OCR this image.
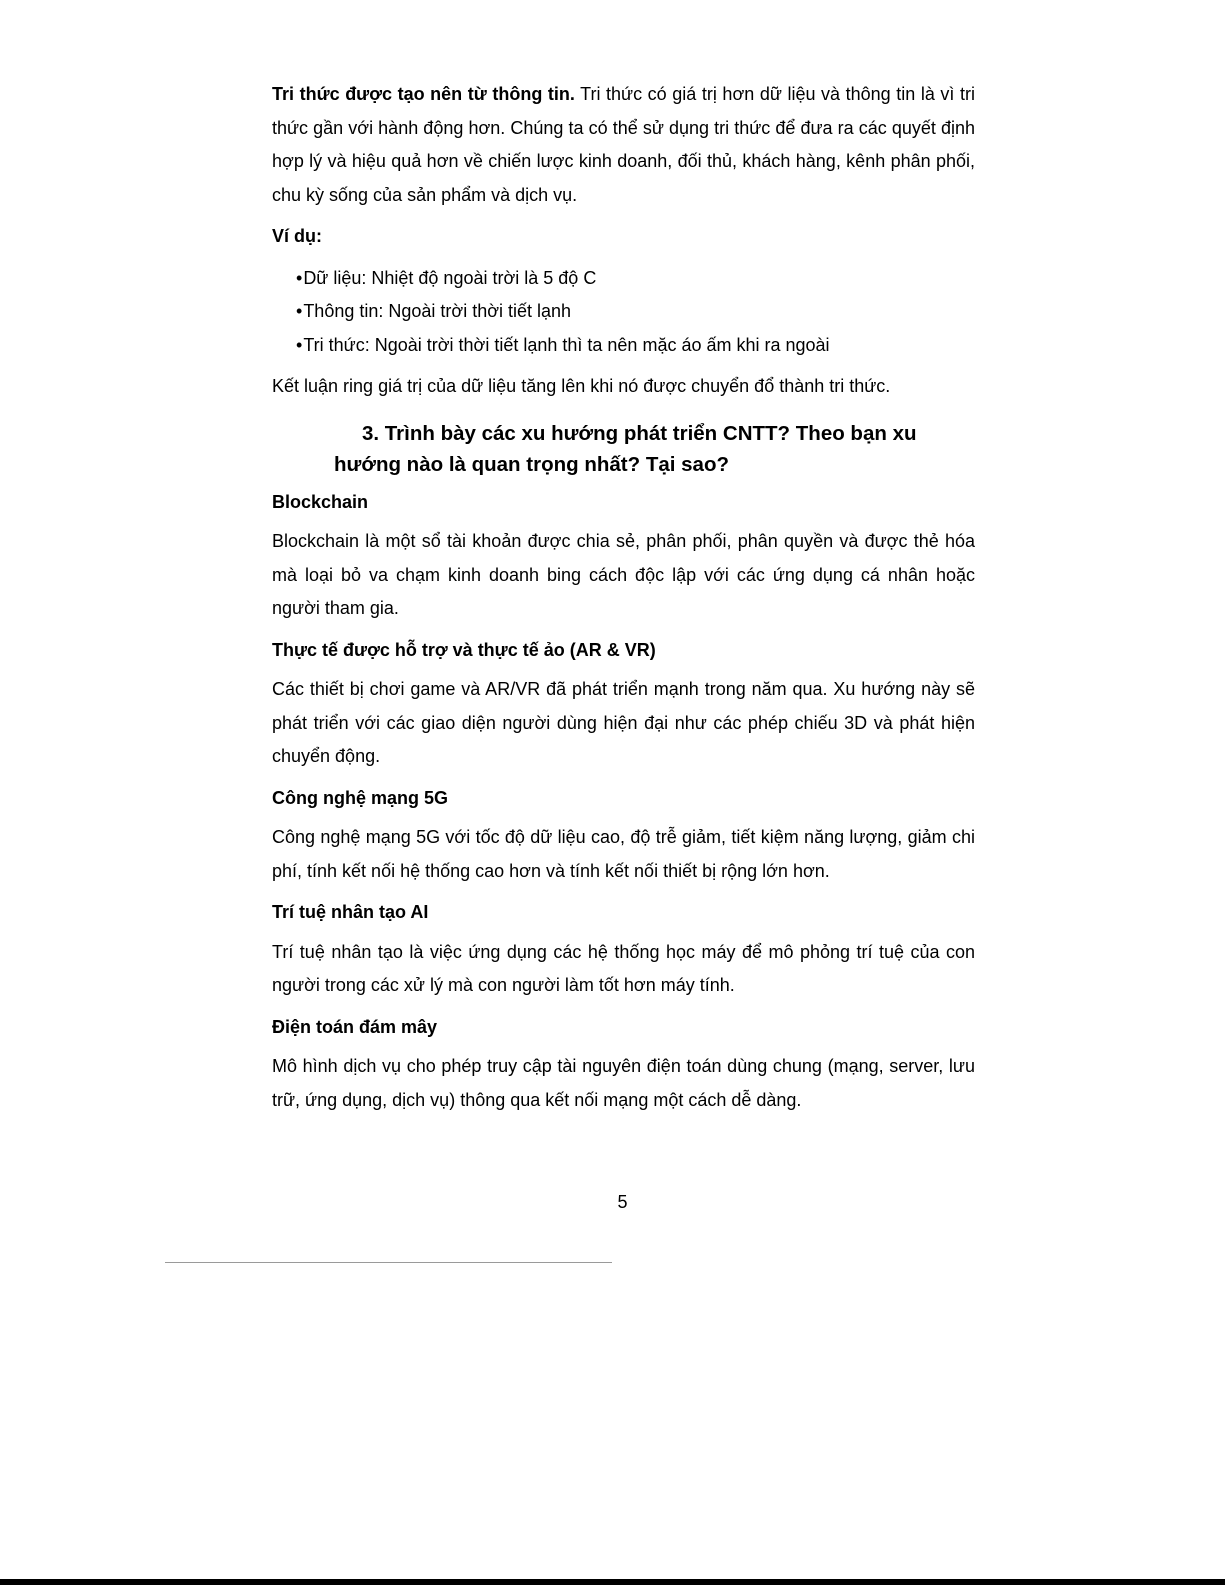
Tri thức được tạo nên từ thông tin. Tri thức có giá trị hơn dữ liệu và thông tin là vì tri thức gần với hành động hơn. Chúng ta có thể sử dụng tri thức để đưa ra các quyết định hợp lý và hiệu quả hơn về chiến lược kinh doanh, đối thủ, khách hàng, kênh phân phối, chu kỳ sống của sản phẩm và dịch vụ.

Ví dụ:

•Dữ liệu: Nhiệt độ ngoài trời là 5 độ C
•Thông tin: Ngoài trời thời tiết lạnh
•Tri thức: Ngoài trời thời tiết lạnh thì ta nên mặc áo ấm khi ra ngoài

Kết luận ring giá trị của dữ liệu tăng lên khi nó được chuyển đổ thành tri thức.

3. Trình bày các xu hướng phát triển CNTT? Theo bạn xu
hướng nào là quan trọng nhất? Tại sao?

Blockchain

Blockchain là một sổ tài khoản được chia sẻ, phân phối, phân quyền và được thẻ hóa mà loại bỏ va chạm kinh doanh bing cách độc lập với các ứng dụng cá nhân hoặc người tham gia.

Thực tế được hỗ trợ và thực tế ảo (AR & VR)

Các thiết bị chơi game và AR/VR đã phát triển mạnh trong năm qua. Xu hướng này sẽ phát triển với các giao diện người dùng hiện đại như các phép chiếu 3D và phát hiện chuyển động.

Công nghệ mạng 5G

Công nghệ mạng 5G với tốc độ dữ liệu cao, độ trễ giảm, tiết kiệm năng lượng, giảm chi phí, tính kết nối hệ thống cao hơn và tính kết nối thiết bị rộng lớn hơn.

Trí tuệ nhân tạo AI

Trí tuệ nhân tạo là việc ứng dụng các hệ thống học máy để mô phỏng trí tuệ của con người trong các xử lý mà con người làm tốt hơn máy tính.

Điện toán đám mây

Mô hình dịch vụ cho phép truy cập tài nguyên điện toán dùng chung (mạng, server, lưu trữ, ứng dụng, dịch vụ) thông qua kết nối mạng một cách dễ dàng.

5
